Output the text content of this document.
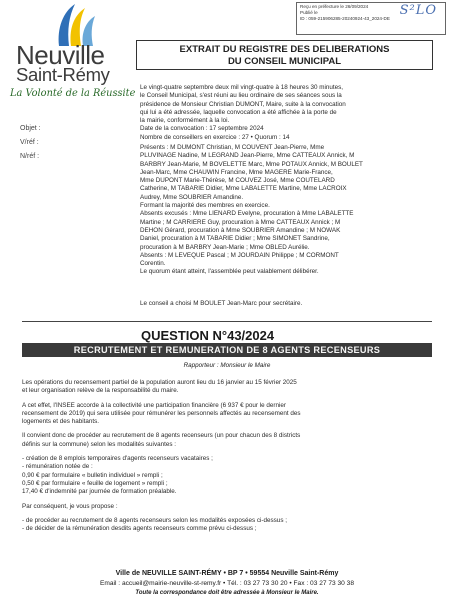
Reçu en préfecture le 26/09/2024
Publié le
ID : 059-215906285-20240924-43_2024-DE
S²LO
Neuville
Saint-Rémy
La Volonté de la Réussite
Objet :
V/réf :
N/réf :
EXTRAIT DU REGISTRE DES DELIBERATIONS
DU CONSEIL MUNICIPAL
Le vingt-quatre septembre deux mil vingt-quatre à 18 heures 30 minutes,
le Conseil Municipal, s'est réuni au lieu ordinaire de ses séances sous la
présidence de Monsieur Christian DUMONT, Maire, suite à la convocation
qui lui a été adressée, laquelle convocation a été affichée à la porte de
la mairie, conformément à la loi.
Date de la convocation : 17 septembre 2024
Nombre de conseillers en exercice : 27 • Quorum : 14
Présents : M DUMONT Christian, M COUVENT Jean-Pierre, Mme
PLUVINAGE Nadine, M LEGRAND Jean-Pierre, Mme CATTEAUX Annick, M
BARBRY Jean-Marie, M BOVELETTE Marc, Mme POTAUX Annick, M BOULET
Jean-Marc, Mme CHAUWIN Francine, Mme MAGERE Marie-France,
Mme DUPONT Marie-Thérèse, M COUVEZ José, Mme COUTELARD
Catherine, M TABARIE Didier, Mme LABALETTE Martine, Mme LACROIX
Audrey, Mme SOUBRIER Amandine.
Formant la majorité des membres en exercice.
Absents excusés : Mme LIENARD Evelyne, procuration à Mme LABALETTE
Martine ; M CARRIERE Guy, procuration à Mme CATTEAUX Annick ; M
DEHON Gérard, procuration à Mme SOUBRIER Amandine ; M NOWAK
Daniel, procuration à M TABARIE Didier ; Mme SIMONET Sandrine,
procuration à M BARBRY Jean-Marie ; Mme OBLED Aurélie.
Absents : M LEVEQUE Pascal ; M JOURDAIN Philippe ; M CORMONT
Corentin.
Le quorum étant atteint, l'assemblée peut valablement délibérer.
Le conseil a choisi M BOULET Jean-Marc pour secrétaire.
QUESTION N°43/2024
RECRUTEMENT ET REMUNERATION DE 8 AGENTS RECENSEURS
Rapporteur : Monsieur le Maire
Les opérations du recensement partiel de la population auront lieu du 16 janvier au 15 février 2025
et leur organisation relève de la responsabilité du maire.
A cet effet, l'INSEE accorde à la collectivité une participation financière (6 937 € pour le dernier
recensement de 2019) qui sera utilisée pour rémunérer les personnels affectés au recensement des
logements et des habitants.
Il convient donc de procéder au recrutement de 8 agents recenseurs (un pour chacun des 8 districts
définis sur la commune) selon les modalités suivantes :
- création de 8 emplois temporaires d'agents recenseurs vacataires ;
- rémunération notée de :
0,90 € par formulaire « bulletin individuel » rempli ;
0,50 € par formulaire « feuille de logement » rempli ;
17,40 € d'indemnité par journée de formation préalable.
Par conséquent, je vous propose :
- de procéder au recrutement de 8 agents recenseurs selon les modalités exposées ci-dessus ;
- de décider de la rémunération desdits agents recenseurs comme prévu ci-dessus ;
Ville de NEUVILLE SAINT-RÉMY • BP 7 • 59554 Neuville Saint-Rémy
Email : accueil@mairie-neuville-st-remy.fr • Tél. : 03 27 73 30 20 • Fax : 03 27 73 30 38
Toute la correspondance doit être adressée à Monsieur le Maire.
